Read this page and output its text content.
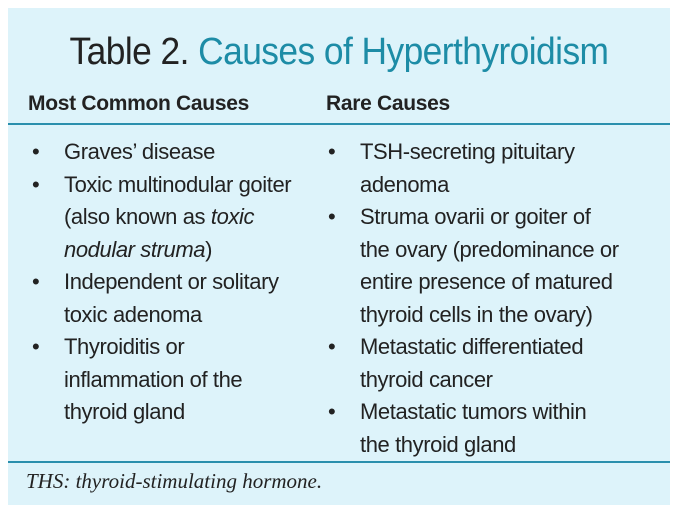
Table 2. Causes of Hyperthyroidism
Most Common Causes	Rare Causes
• Graves’ disease
• Toxic multinodular goiter
(also known as toxic
nodular struma)
• Independent or solitary
toxic adenoma
• Thyroiditis or
inflammation of the
thyroid gland
• TSH-secreting pituitary
adenoma
• Struma ovarii or goiter of
the ovary (predominance or
entire presence of matured
thyroid cells in the ovary)
• Metastatic differentiated
thyroid cancer
• Metastatic tumors within
the thyroid gland
THS: thyroid-stimulating hormone.
